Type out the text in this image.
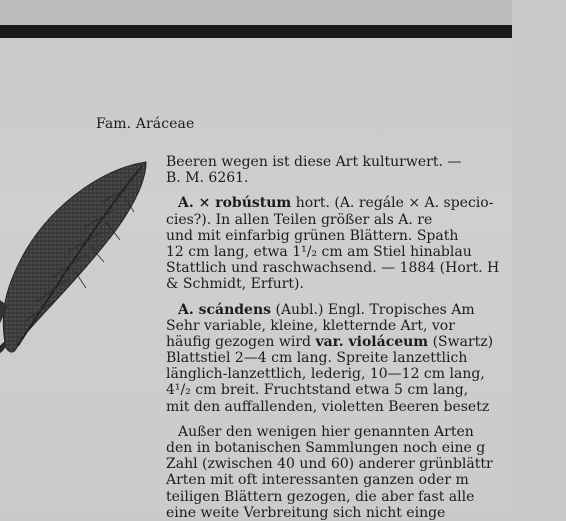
Fam. Aráceae

Beeren wegen ist diese Art kulturwert. —
B. M. 6261.

A. × robústum hort. (A. regále × A. specio-
cies?). In allen Teilen größer als A. re
und mit einfarbig grünen Blättern. Spath
12 cm lang, etwa 1¹/₂ cm am Stiel hinablau
Stattlich und raschwachsend. — 1884 (Hort. H
& Schmidt, Erfurt).

A. scándens (Aubl.) Engl. Tropisches Am
Sehr variable, kleine, kletternde Art, vor
häufig gezogen wird var. violáceum (Swartz)
Blattstiel 2—4 cm lang. Spreite lanzettlich
länglich-lanzettlich, lederig, 10—12 cm lang,
4¹/₂ cm breit. Fruchtstand etwa 5 cm lang,
mit den auffallenden, violetten Beeren besetz

Außer den wenigen hier genannten Arten
den in botanischen Sammlungen noch eine g
Zahl (zwischen 40 und 60) anderer grünblättr
Arten mit oft interessanten ganzen oder m
teiligen Blättern gezogen, die aber fast alle
eine weite Verbreitung sich nicht einge
